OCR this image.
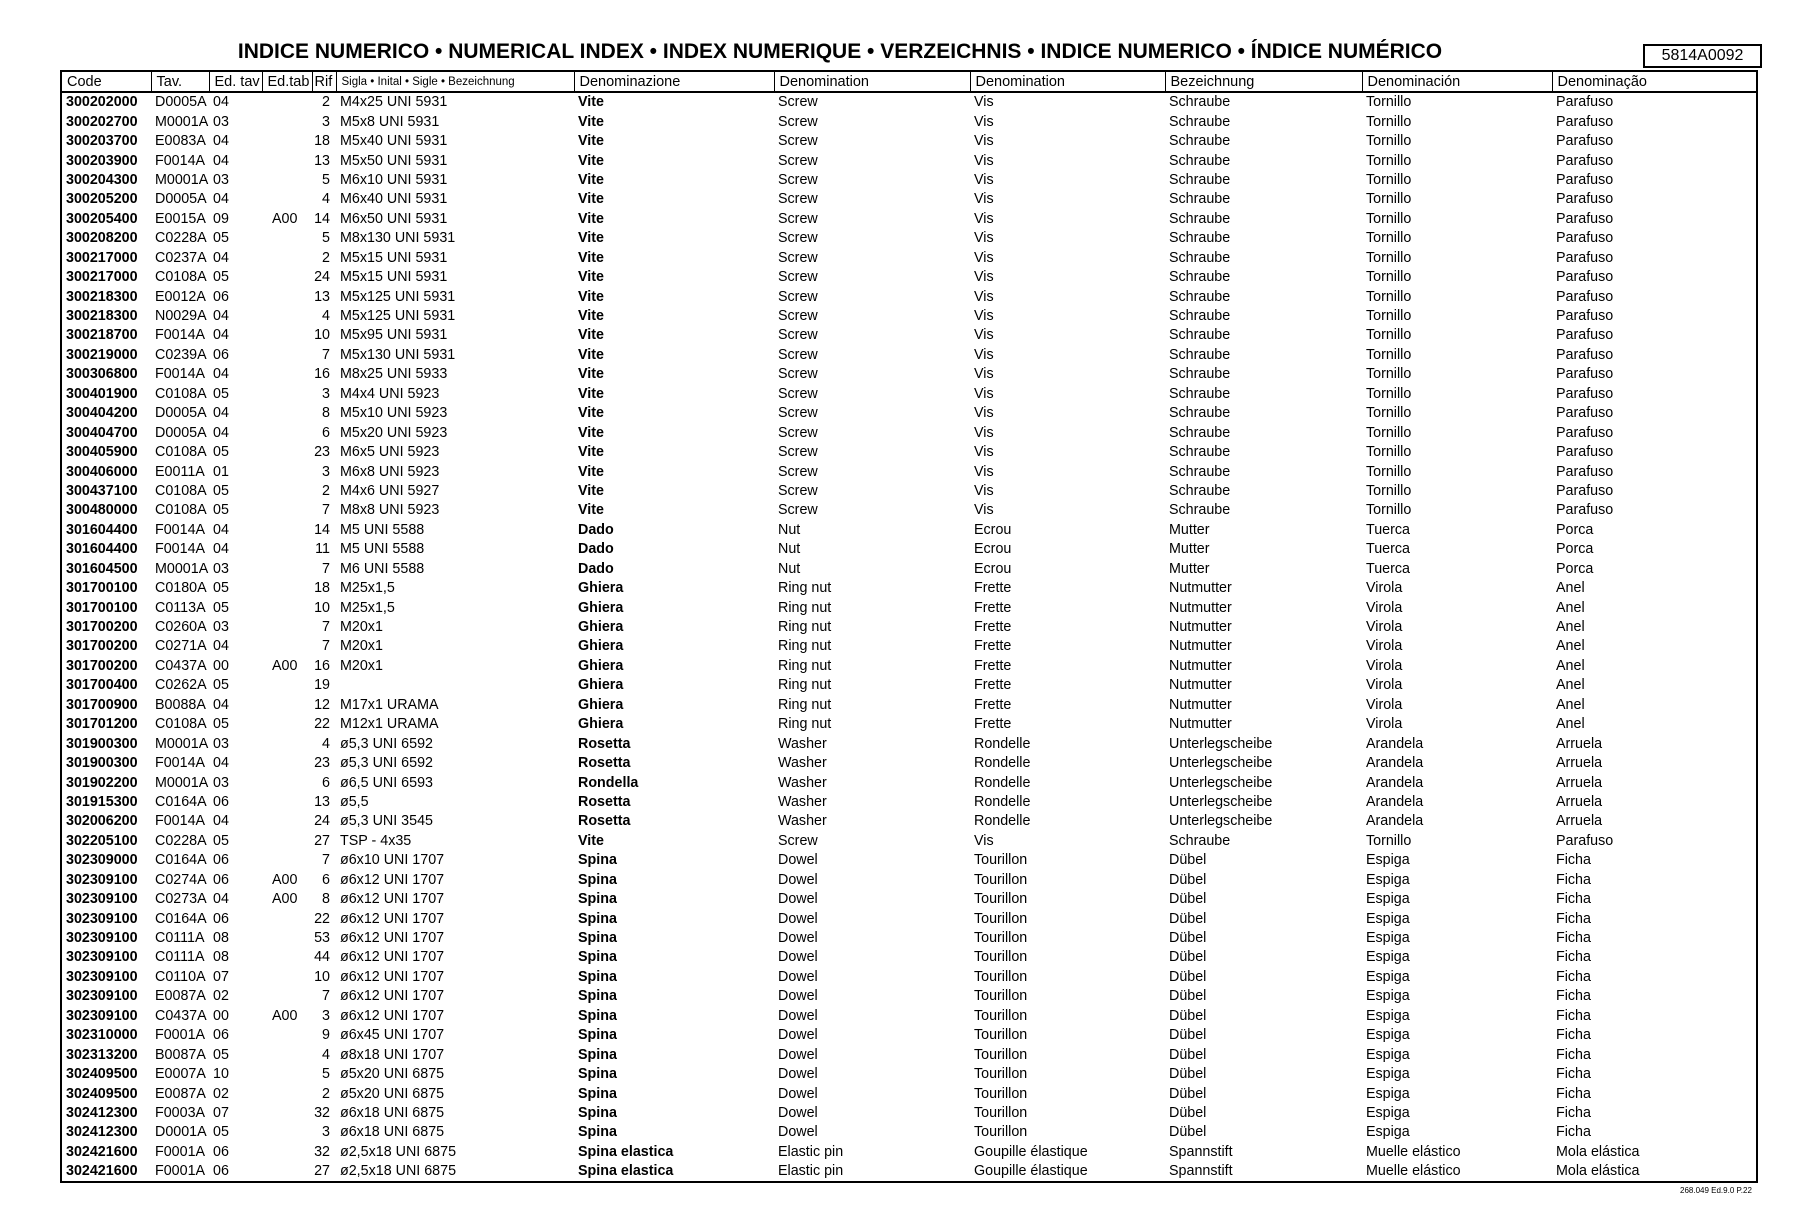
INDICE NUMERICO • NUMERICAL INDEX • INDEX NUMERIQUE • VERZEICHNIS • INDICE NUMERICO • ÍNDICE NUMÉRICO	5814A0092
Code	Tav.	Ed. tav	Ed.tab	Rif	Sigla • Inital • Sigle • Bezeichnung	Denominazione	Denomination	Denomination	Bezeichnung	Denominación	Denominação
300202000	D0005A	04		2	M4x25 UNI 5931	Vite	Screw	Vis	Schraube	Tornillo	Parafuso
300202700	M0001A	03		3	M5x8 UNI 5931	Vite	Screw	Vis	Schraube	Tornillo	Parafuso
300203700	E0083A	04		18	M5x40 UNI 5931	Vite	Screw	Vis	Schraube	Tornillo	Parafuso
300203900	F0014A	04		13	M5x50 UNI 5931	Vite	Screw	Vis	Schraube	Tornillo	Parafuso
300204300	M0001A	03		5	M6x10 UNI 5931	Vite	Screw	Vis	Schraube	Tornillo	Parafuso
300205200	D0005A	04		4	M6x40 UNI 5931	Vite	Screw	Vis	Schraube	Tornillo	Parafuso
300205400	E0015A	09	A00	14	M6x50 UNI 5931	Vite	Screw	Vis	Schraube	Tornillo	Parafuso
300208200	C0228A	05		5	M8x130 UNI 5931	Vite	Screw	Vis	Schraube	Tornillo	Parafuso
300217000	C0237A	04		2	M5x15 UNI 5931	Vite	Screw	Vis	Schraube	Tornillo	Parafuso
300217000	C0108A	05		24	M5x15 UNI 5931	Vite	Screw	Vis	Schraube	Tornillo	Parafuso
300218300	E0012A	06		13	M5x125 UNI 5931	Vite	Screw	Vis	Schraube	Tornillo	Parafuso
300218300	N0029A	04		4	M5x125 UNI 5931	Vite	Screw	Vis	Schraube	Tornillo	Parafuso
300218700	F0014A	04		10	M5x95 UNI 5931	Vite	Screw	Vis	Schraube	Tornillo	Parafuso
300219000	C0239A	06		7	M5x130 UNI 5931	Vite	Screw	Vis	Schraube	Tornillo	Parafuso
300306800	F0014A	04		16	M8x25 UNI 5933	Vite	Screw	Vis	Schraube	Tornillo	Parafuso
300401900	C0108A	05		3	M4x4 UNI 5923	Vite	Screw	Vis	Schraube	Tornillo	Parafuso
300404200	D0005A	04		8	M5x10 UNI 5923	Vite	Screw	Vis	Schraube	Tornillo	Parafuso
300404700	D0005A	04		6	M5x20 UNI 5923	Vite	Screw	Vis	Schraube	Tornillo	Parafuso
300405900	C0108A	05		23	M6x5 UNI 5923	Vite	Screw	Vis	Schraube	Tornillo	Parafuso
300406000	E0011A	01		3	M6x8 UNI 5923	Vite	Screw	Vis	Schraube	Tornillo	Parafuso
300437100	C0108A	05		2	M4x6 UNI 5927	Vite	Screw	Vis	Schraube	Tornillo	Parafuso
300480000	C0108A	05		7	M8x8 UNI 5923	Vite	Screw	Vis	Schraube	Tornillo	Parafuso
301604400	F0014A	04		14	M5 UNI 5588	Dado	Nut	Ecrou	Mutter	Tuerca	Porca
301604400	F0014A	04		11	M5 UNI 5588	Dado	Nut	Ecrou	Mutter	Tuerca	Porca
301604500	M0001A	03		7	M6 UNI 5588	Dado	Nut	Ecrou	Mutter	Tuerca	Porca
301700100	C0180A	05		18	M25x1,5	Ghiera	Ring nut	Frette	Nutmutter	Virola	Anel
301700100	C0113A	05		10	M25x1,5	Ghiera	Ring nut	Frette	Nutmutter	Virola	Anel
301700200	C0260A	03		7	M20x1	Ghiera	Ring nut	Frette	Nutmutter	Virola	Anel
301700200	C0271A	04		7	M20x1	Ghiera	Ring nut	Frette	Nutmutter	Virola	Anel
301700200	C0437A	00	A00	16	M20x1	Ghiera	Ring nut	Frette	Nutmutter	Virola	Anel
301700400	C0262A	05		19		Ghiera	Ring nut	Frette	Nutmutter	Virola	Anel
301700900	B0088A	04		12	M17x1 URAMA	Ghiera	Ring nut	Frette	Nutmutter	Virola	Anel
301701200	C0108A	05		22	M12x1 URAMA	Ghiera	Ring nut	Frette	Nutmutter	Virola	Anel
301900300	M0001A	03		4	ø5,3 UNI 6592	Rosetta	Washer	Rondelle	Unterlegscheibe	Arandela	Arruela
301900300	F0014A	04		23	ø5,3 UNI 6592	Rosetta	Washer	Rondelle	Unterlegscheibe	Arandela	Arruela
301902200	M0001A	03		6	ø6,5 UNI 6593	Rondella	Washer	Rondelle	Unterlegscheibe	Arandela	Arruela
301915300	C0164A	06		13	ø5,5	Rosetta	Washer	Rondelle	Unterlegscheibe	Arandela	Arruela
302006200	F0014A	04		24	ø5,3 UNI 3545	Rosetta	Washer	Rondelle	Unterlegscheibe	Arandela	Arruela
302205100	C0228A	05		27	TSP - 4x35	Vite	Screw	Vis	Schraube	Tornillo	Parafuso
302309000	C0164A	06		7	ø6x10 UNI 1707	Spina	Dowel	Tourillon	Dübel	Espiga	Ficha
302309100	C0274A	06	A00	6	ø6x12 UNI 1707	Spina	Dowel	Tourillon	Dübel	Espiga	Ficha
302309100	C0273A	04	A00	8	ø6x12 UNI 1707	Spina	Dowel	Tourillon	Dübel	Espiga	Ficha
302309100	C0164A	06		22	ø6x12 UNI 1707	Spina	Dowel	Tourillon	Dübel	Espiga	Ficha
302309100	C0111A	08		53	ø6x12 UNI 1707	Spina	Dowel	Tourillon	Dübel	Espiga	Ficha
302309100	C0111A	08		44	ø6x12 UNI 1707	Spina	Dowel	Tourillon	Dübel	Espiga	Ficha
302309100	C0110A	07		10	ø6x12 UNI 1707	Spina	Dowel	Tourillon	Dübel	Espiga	Ficha
302309100	E0087A	02		7	ø6x12 UNI 1707	Spina	Dowel	Tourillon	Dübel	Espiga	Ficha
302309100	C0437A	00	A00	3	ø6x12 UNI 1707	Spina	Dowel	Tourillon	Dübel	Espiga	Ficha
302310000	F0001A	06		9	ø6x45 UNI 1707	Spina	Dowel	Tourillon	Dübel	Espiga	Ficha
302313200	B0087A	05		4	ø8x18 UNI 1707	Spina	Dowel	Tourillon	Dübel	Espiga	Ficha
302409500	E0007A	10		5	ø5x20 UNI 6875	Spina	Dowel	Tourillon	Dübel	Espiga	Ficha
302409500	E0087A	02		2	ø5x20 UNI 6875	Spina	Dowel	Tourillon	Dübel	Espiga	Ficha
302412300	F0003A	07		32	ø6x18 UNI 6875	Spina	Dowel	Tourillon	Dübel	Espiga	Ficha
302412300	D0001A	05		3	ø6x18 UNI 6875	Spina	Dowel	Tourillon	Dübel	Espiga	Ficha
302421600	F0001A	06		32	ø2,5x18 UNI 6875	Spina elastica	Elastic pin	Goupille élastique	Spannstift	Muelle elástico	Mola elástica
302421600	F0001A	06		27	ø2,5x18 UNI 6875	Spina elastica	Elastic pin	Goupille élastique	Spannstift	Muelle elástico	Mola elástica
268.049 Ed.9.0 P.22
